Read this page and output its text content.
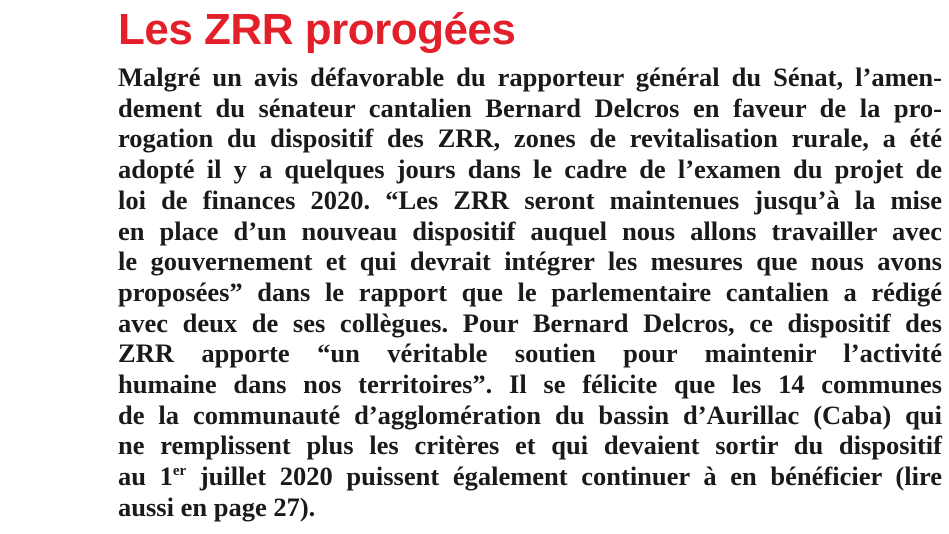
Les ZRR prorogées
Malgré un avis défavorable du rapporteur général du Sénat, l’amen-
dement du sénateur cantalien Bernard Delcros en faveur de la pro-
rogation du dispositif des ZRR, zones de revitalisation rurale, a été
adopté il y a quelques jours dans le cadre de l’examen du projet de
loi de finances 2020. “Les ZRR seront maintenues jusqu’à la mise
en place d’un nouveau dispositif auquel nous allons travailler avec
le gouvernement et qui devrait intégrer les mesures que nous avons
proposées” dans le rapport que le parlementaire cantalien a rédigé
avec deux de ses collègues. Pour Bernard Delcros, ce dispositif des
ZRR apporte “un véritable soutien pour maintenir l’activité
humaine dans nos territoires”. Il se félicite que les 14 communes
de la communauté d’agglomération du bassin d’Aurillac (Caba) qui
ne remplissent plus les critères et qui devaient sortir du dispositif
au 1er juillet 2020 puissent également continuer à en bénéficier (lire
aussi en page 27).
